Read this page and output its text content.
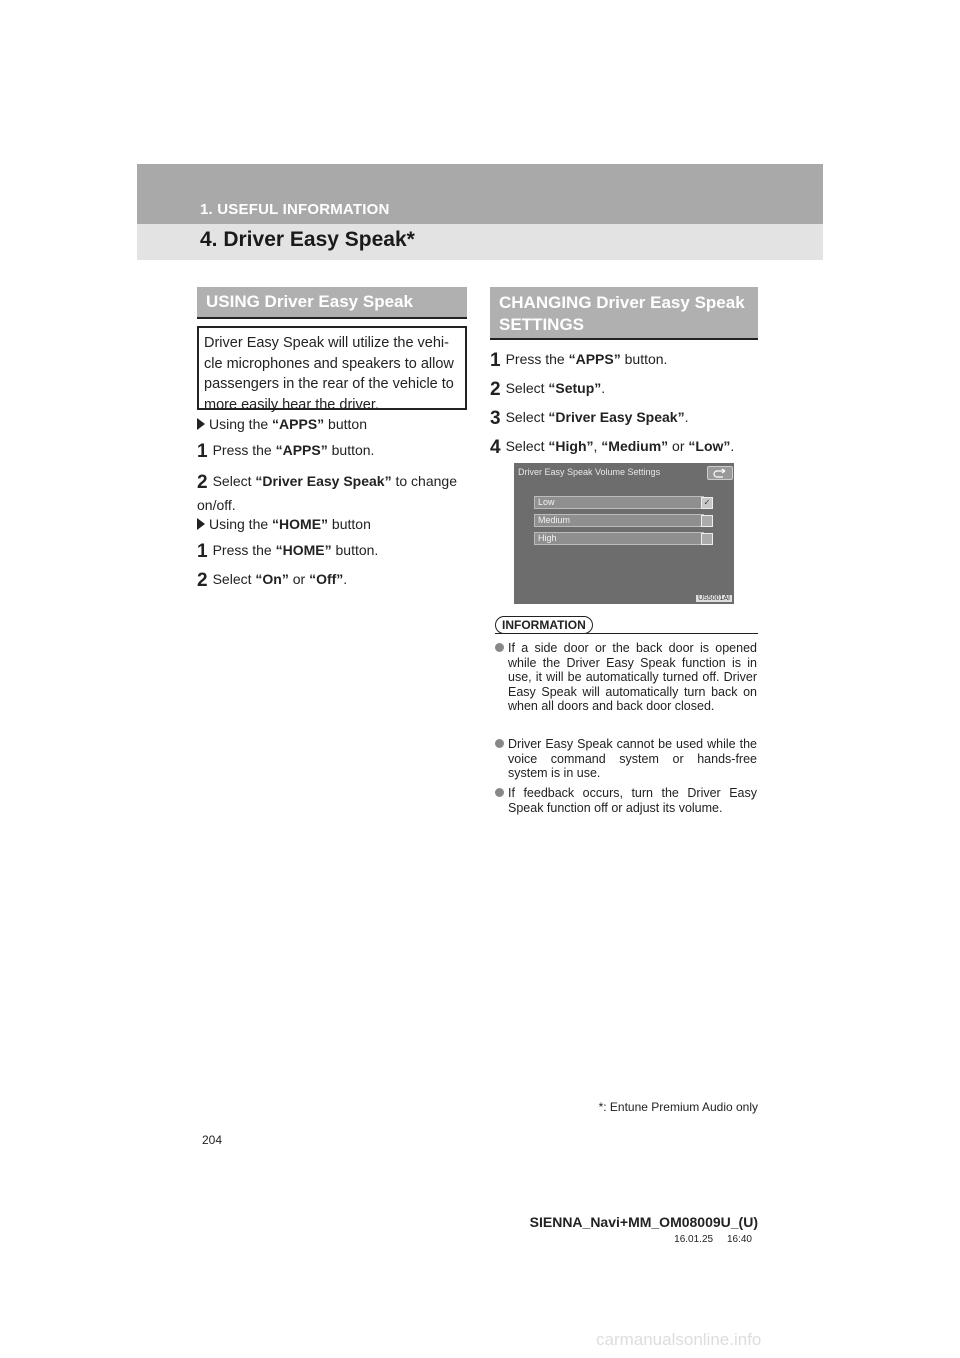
1. USEFUL INFORMATION
4. Driver Easy Speak*
USING Driver Easy Speak
Driver Easy Speak will utilize the vehi-cle microphones and speakers to allow passengers in the rear of the vehicle to more easily hear the driver.
Using the “APPS” button
1 Press the “APPS” button.
2 Select “Driver Easy Speak” to change on/off.
Using the “HOME” button
1 Press the “HOME” button.
2 Select “On” or “Off”.
CHANGING Driver Easy Speak SETTINGS
1 Press the “APPS” button.
2 Select “Setup”.
3 Select “Driver Easy Speak”.
4 Select “High”, “Medium” or “Low”.
Driver Easy Speak Volume Settings
Low	✓
Medium
High
US5001AI
INFORMATION
If a side door or the back door is opened while the Driver Easy Speak function is in use, it will be automatically turned off. Driver Easy Speak will automatically turn back on when all doors and back door closed.
Driver Easy Speak cannot be used while the voice command system or hands-free system is in use.
If feedback occurs, turn the Driver Easy Speak function off or adjust its volume.
*: Entune Premium Audio only
204
SIENNA_Navi+MM_OM08009U_(U)
16.01.25     16:40
carmanualsonline.info
